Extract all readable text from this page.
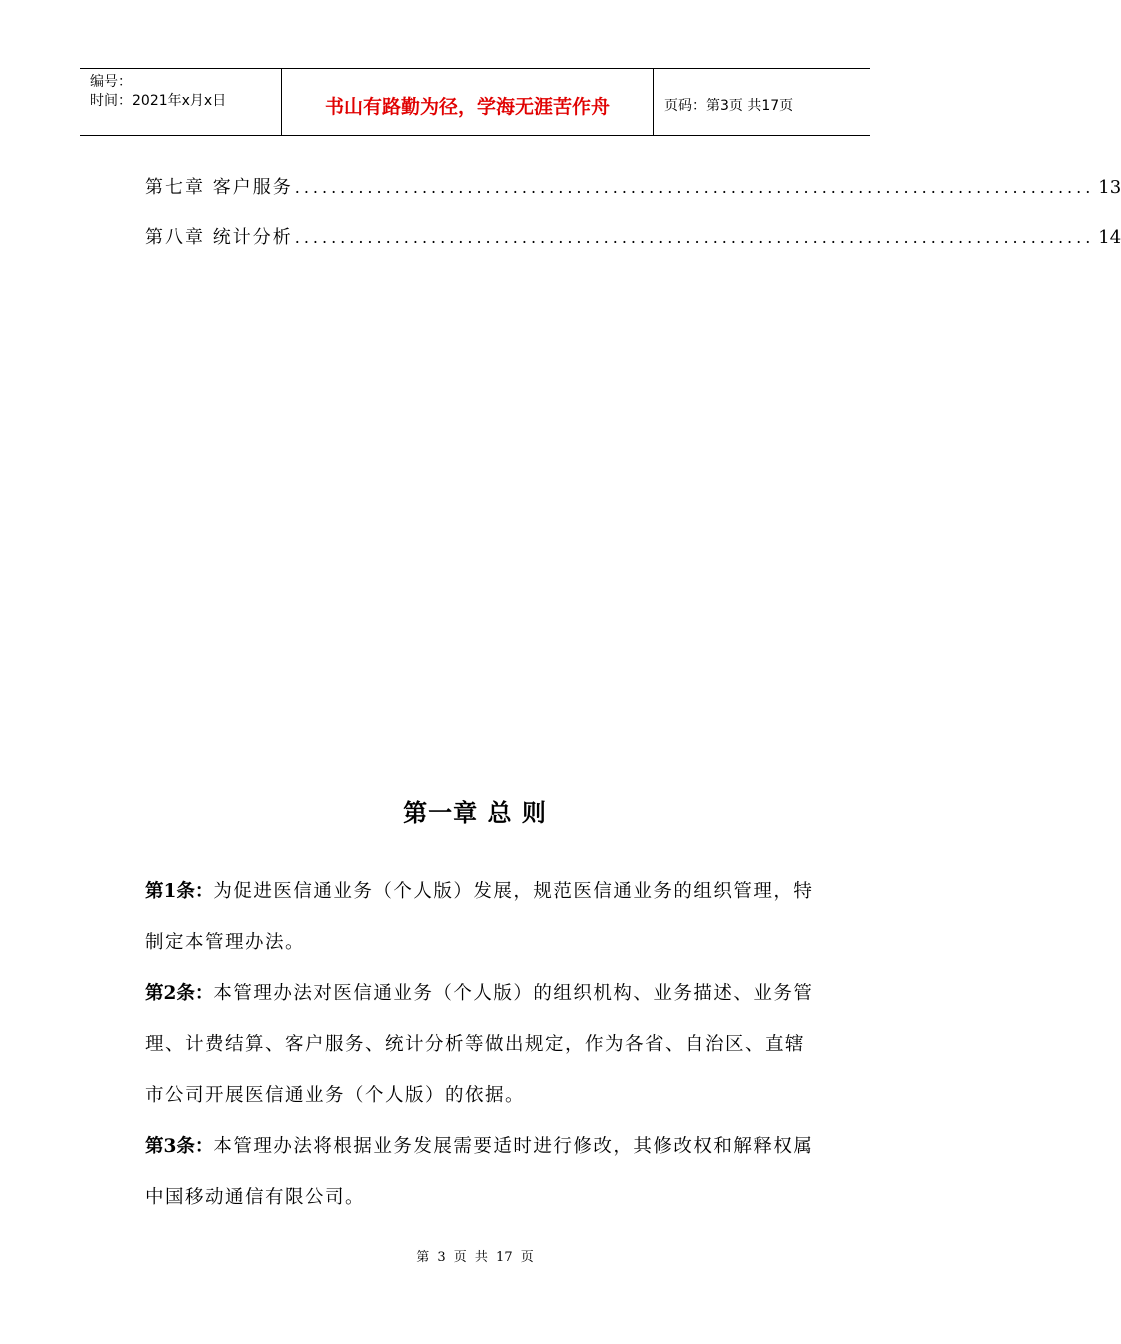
编号：
时间：2021年x月x日	书山有路勤为径，学海无涯苦作舟	页码：第3页 共17页
第七章 客户服务 ........................................................................................ 13
第八章 统计分析 ........................................................................................ 14
第一章 总 则

第1条：为促进医信通业务（个人版）发展，规范医信通业务的组织管理，特制定本管理办法。

第2条：本管理办法对医信通业务（个人版）的组织机构、业务描述、业务管理、计费结算、客户服务、统计分析等做出规定，作为各省、自治区、直辖市公司开展医信通业务（个人版）的依据。

第3条：本管理办法将根据业务发展需要适时进行修改，其修改权和解释权属中国移动通信有限公司。

第 3 页 共 17 页
